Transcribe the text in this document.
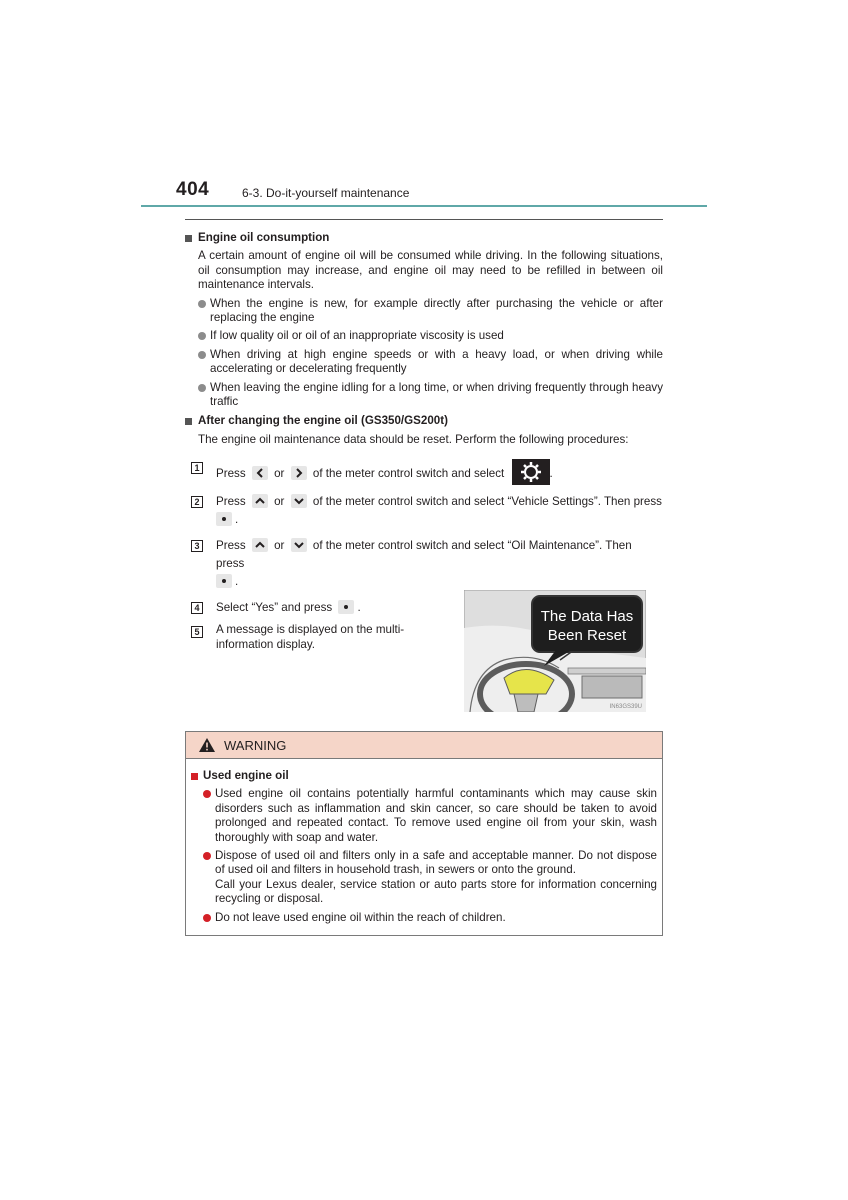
404	6-3. Do-it-yourself maintenance
Engine oil consumption
A certain amount of engine oil will be consumed while driving. In the following situations, oil consumption may increase, and engine oil may need to be refilled in between oil maintenance intervals.
When the engine is new, for example directly after purchasing the vehicle or after replacing the engine
If low quality oil or oil of an inappropriate viscosity is used
When driving at high engine speeds or with a heavy load, or when driving while accelerating or decelerating frequently
When leaving the engine idling for a long time, or when driving frequently through heavy traffic
After changing the engine oil (GS350/GS200t)
The engine oil maintenance data should be reset. Perform the following procedures:
1	Press or of the meter control switch and select	.
2	Press or of the meter control switch and select “Vehicle Settings”. Then press

.
3	Press or of the meter control switch and select “Oil Maintenance”. Then press

.
4	Select “Yes” and press .
5	A message is displayed on the multi-information display.
The Data Has
Been Reset
IN63GS39U
WARNING
Used engine oil
Used engine oil contains potentially harmful contaminants which may cause skin disorders such as inflammation and skin cancer, so care should be taken to avoid prolonged and repeated contact. To remove used engine oil from your skin, wash thoroughly with soap and water.
Dispose of used oil and filters only in a safe and acceptable manner. Do not dispose of used oil and filters in household trash, in sewers or onto the ground.
Call your Lexus dealer, service station or auto parts store for information concerning recycling or disposal.
Do not leave used engine oil within the reach of children.
